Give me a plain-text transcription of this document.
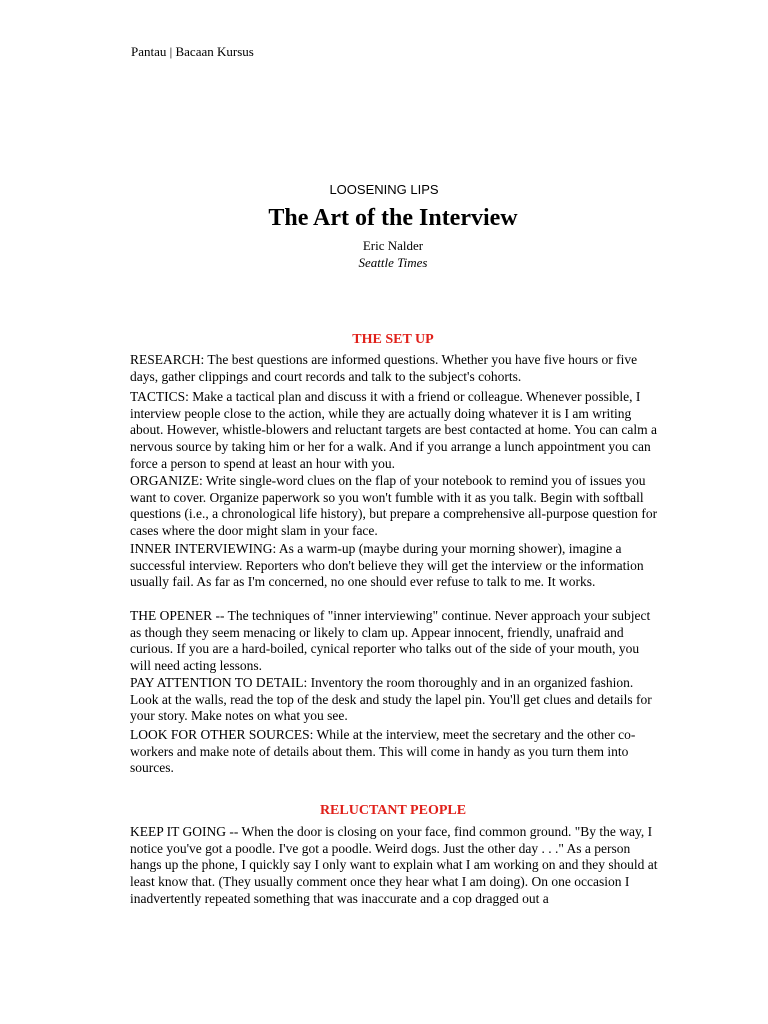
Pantau | Bacaan Kursus
LOOSENING LIPS
The Art of the Interview
Eric Nalder
Seattle Times
THE SET UP

RESEARCH: The best questions are informed questions. Whether you have five hours or five days, gather clippings and court records and talk to the subject's cohorts.

TACTICS: Make a tactical plan and discuss it with a friend or colleague. Whenever possible, I interview people close to the action, while they are actually doing whatever it is I am writing about. However, whistle-blowers and reluctant targets are best contacted at home. You can calm a nervous source by taking him or her for a walk. And if you arrange a lunch appointment you can force a person to spend at least an hour with you.

ORGANIZE: Write single-word clues on the flap of your notebook to remind you of issues you want to cover. Organize paperwork so you won't fumble with it as you talk. Begin with softball questions (i.e., a chronological life history), but prepare a comprehensive all-purpose question for cases where the door might slam in your face.

INNER INTERVIEWING: As a warm-up (maybe during your morning shower), imagine a successful interview. Reporters who don't believe they will get the interview or the information usually fail. As far as I'm concerned, no one should ever refuse to talk to me. It works.

THE OPENER -- The techniques of "inner interviewing" continue. Never approach your subject as though they seem menacing or likely to clam up. Appear innocent, friendly, unafraid and curious. If you are a hard-boiled, cynical reporter who talks out of the side of your mouth, you will need acting lessons.

PAY ATTENTION TO DETAIL: Inventory the room thoroughly and in an organized fashion. Look at the walls, read the top of the desk and study the lapel pin. You'll get clues and details for your story. Make notes on what you see.

LOOK FOR OTHER SOURCES: While at the interview, meet the secretary and the other co-workers and make note of details about them. This will come in handy as you turn them into sources.

RELUCTANT PEOPLE

KEEP IT GOING -- When the door is closing on your face, find common ground. "By the way, I notice you've got a poodle. I've got a poodle. Weird dogs. Just the other day . . ." As a person hangs up the phone, I quickly say I only want to explain what I am working on and they should at least know that. (They usually comment once they hear what I am doing). On one occasion I inadvertently repeated something that was inaccurate and a cop dragged out a
